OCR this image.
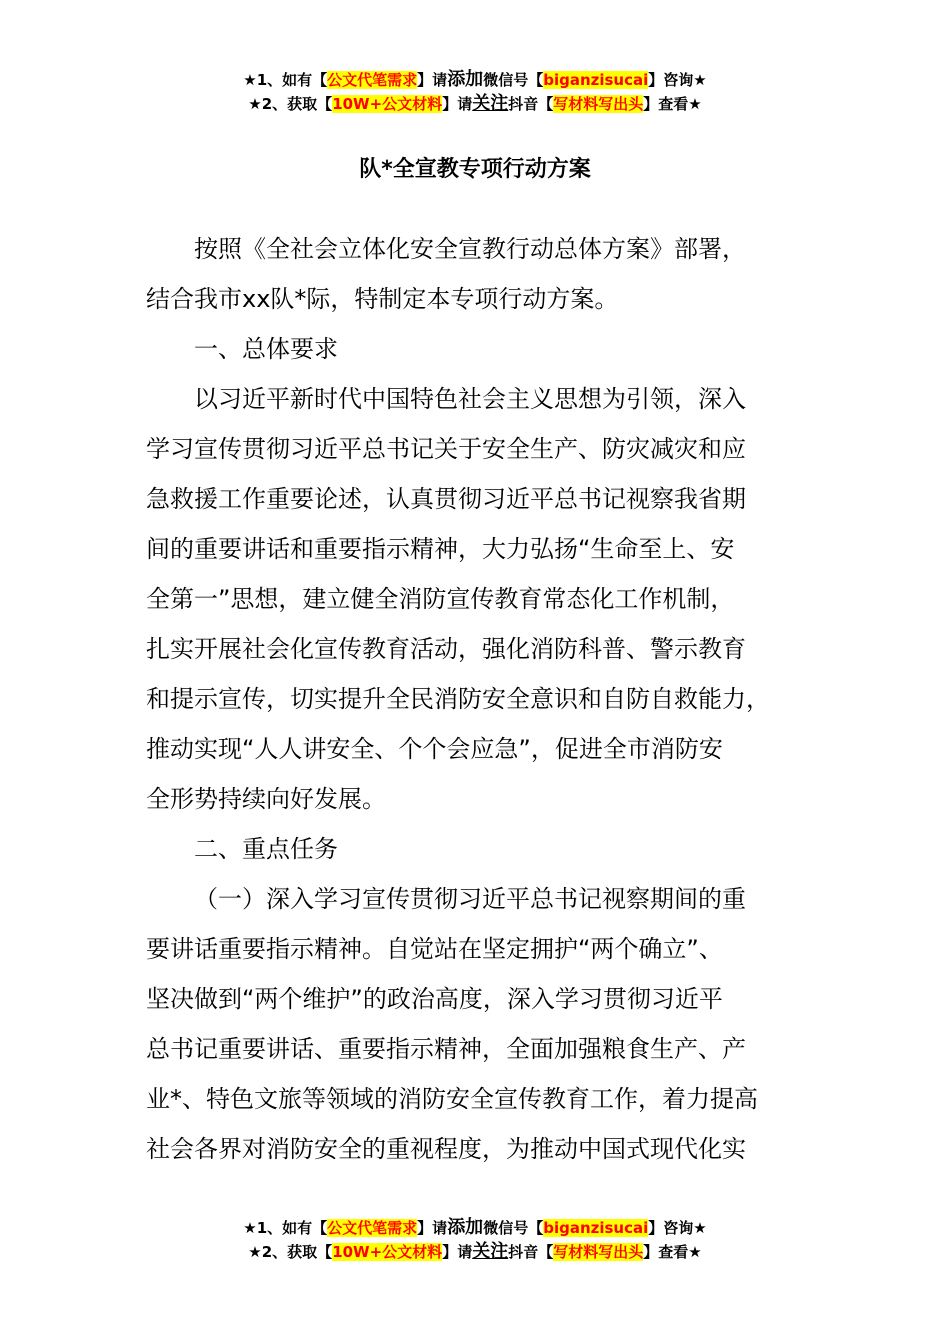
★1、如有【公文代笔需求】请添加微信号【biganzisucai】咨询★
★2、获取【10W+公文材料】请关注抖音【写材料写出头】查看★
队*全宣教专项行动方案

按照《全社会立体化安全宣教行动总体方案》部署，

结合我市xx队*际，特制定本专项行动方案。

一、总体要求

以习近平新时代中国特色社会主义思想为引领，深入

学习宣传贯彻习近平总书记关于安全生产、防灾减灾和应

急救援工作重要论述，认真贯彻习近平总书记视察我省期

间的重要讲话和重要指示精神，大力弘扬“生命至上、安

全第一”思想，建立健全消防宣传教育常态化工作机制，

扎实开展社会化宣传教育活动，强化消防科普、警示教育

和提示宣传，切实提升全民消防安全意识和自防自救能力，

推动实现“人人讲安全、个个会应急”，促进全市消防安

全形势持续向好发展。

二、重点任务

（一）深入学习宣传贯彻习近平总书记视察期间的重

要讲话重要指示精神。自觉站在坚定拥护“两个确立”、

坚决做到“两个维护”的政治高度，深入学习贯彻习近平

总书记重要讲话、重要指示精神，全面加强粮食生产、产

业*、特色文旅等领域的消防安全宣传教育工作，着力提高

社会各界对消防安全的重视程度，为推动中国式现代化实

★1、如有【公文代笔需求】请添加微信号【biganzisucai】咨询★
★2、获取【10W+公文材料】请关注抖音【写材料写出头】查看★
